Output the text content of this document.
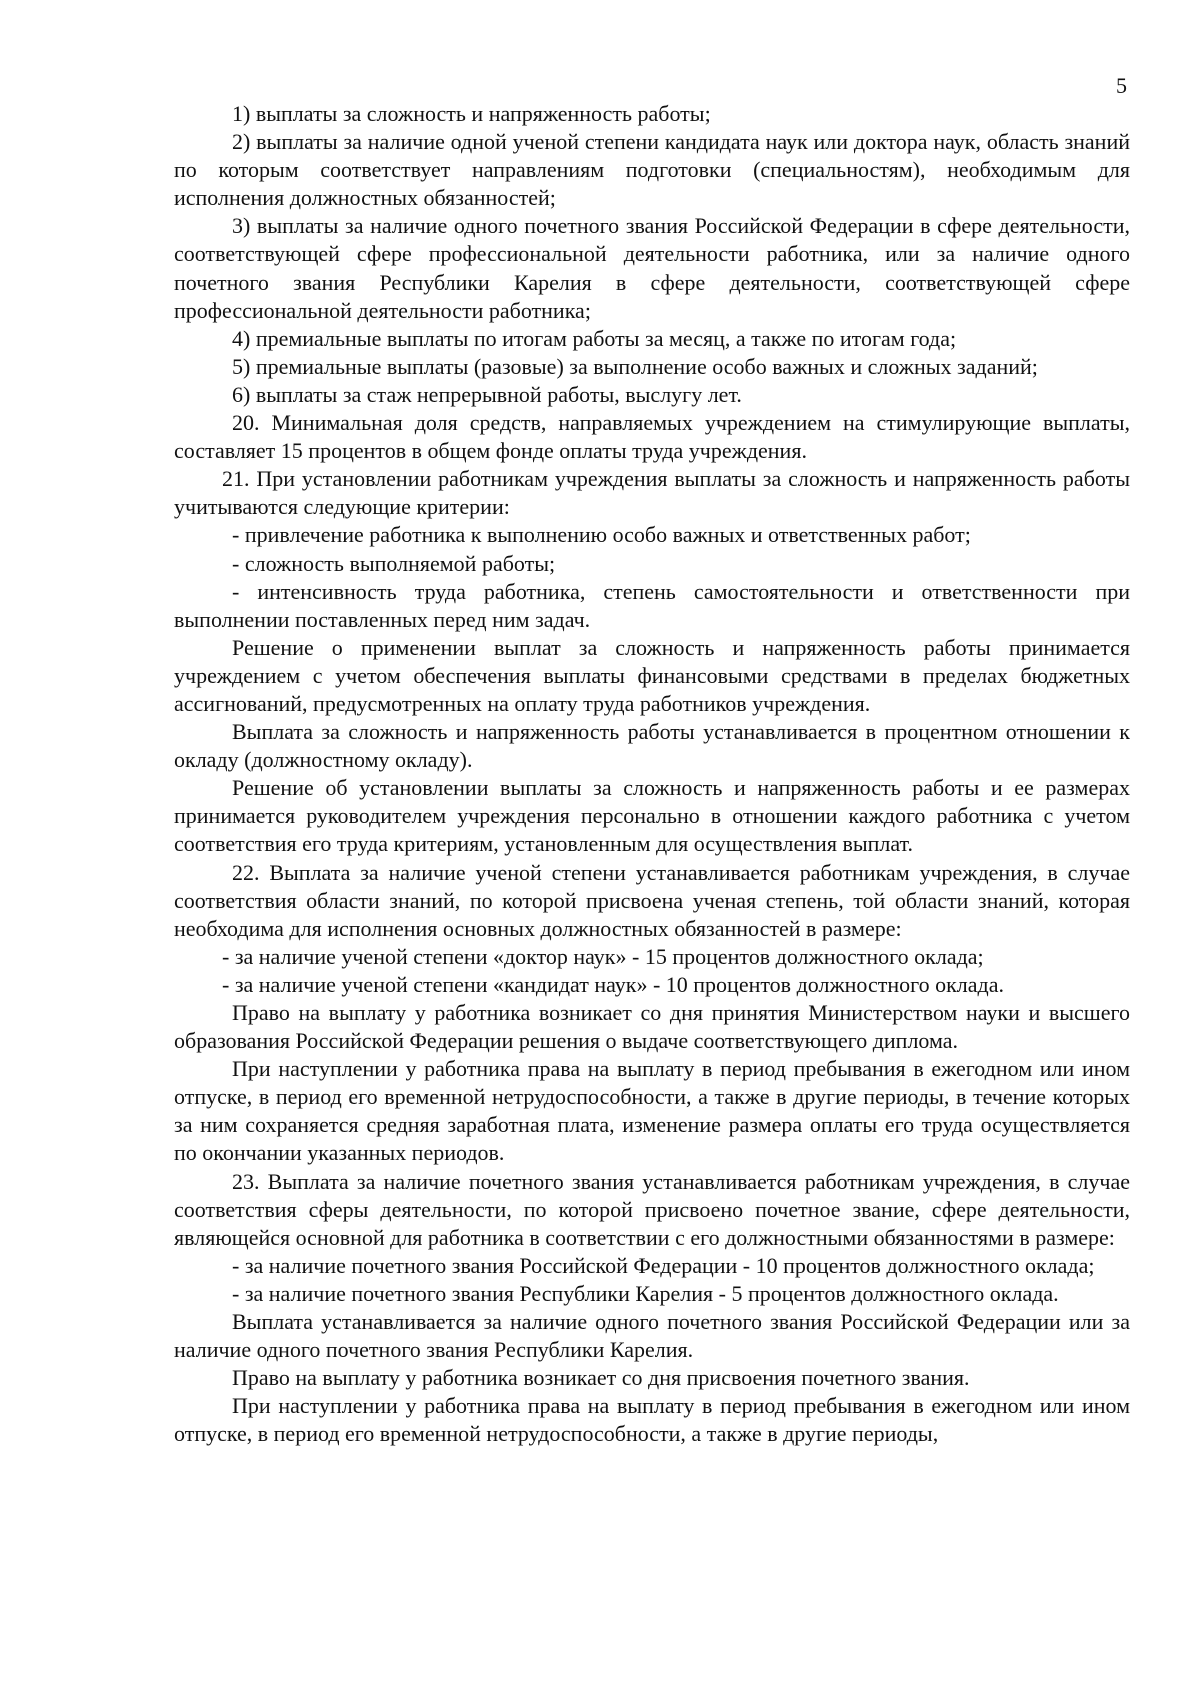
5

1) выплаты за сложность и напряженность работы;

2) выплаты за наличие одной ученой степени кандидата наук или доктора наук, область знаний по которым соответствует направлениям подготовки (специальностям), необходимым для исполнения должностных обязанностей;

3) выплаты за наличие одного почетного звания Российской Федерации в сфере деятельности, соответствующей сфере профессиональной деятельности работника, или за наличие одного почетного звания Республики Карелия в сфере деятельности, соответствующей сфере профессиональной деятельности работника;

4) премиальные выплаты по итогам работы за месяц, а также по итогам года;

5) премиальные выплаты (разовые) за выполнение особо важных и сложных заданий;

6) выплаты за стаж непрерывной работы, выслугу лет.

20. Минимальная доля средств, направляемых учреждением на стимулирующие выплаты, составляет 15 процентов в общем фонде оплаты труда учреждения.

21. При установлении работникам учреждения выплаты за сложность и напряженность работы учитываются следующие критерии:

- привлечение работника к выполнению особо важных и ответственных работ;

- сложность выполняемой работы;

- интенсивность труда работника, степень самостоятельности и ответственности при выполнении поставленных перед ним задач.

Решение о применении выплат за сложность и напряженность работы принимается учреждением с учетом обеспечения выплаты финансовыми средствами в пределах бюджетных ассигнований, предусмотренных на оплату труда работников учреждения.

Выплата за сложность и напряженность работы устанавливается в процентном отношении к окладу (должностному окладу).

Решение об установлении выплаты за сложность и напряженность работы и ее размерах принимается руководителем учреждения персонально в отношении каждого работника с учетом соответствия его труда критериям, установленным для осуществления выплат.

22. Выплата за наличие ученой степени устанавливается работникам учреждения, в случае соответствия области знаний, по которой присвоена ученая степень, той области знаний, которая необходима для исполнения основных должностных обязанностей в размере:

- за наличие ученой степени «доктор наук» - 15 процентов должностного оклада;

- за наличие ученой степени «кандидат наук» - 10 процентов должностного оклада.

Право на выплату у работника возникает со дня принятия Министерством науки и высшего образования Российской Федерации решения о выдаче соответствующего диплома.

При наступлении у работника права на выплату в период пребывания в ежегодном или ином отпуске, в период его временной нетрудоспособности, а также в другие периоды, в течение которых за ним сохраняется средняя заработная плата, изменение размера оплаты его труда осуществляется по окончании указанных периодов.

23. Выплата за наличие почетного звания устанавливается работникам учреждения, в случае соответствия сферы деятельности, по которой присвоено почетное звание, сфере деятельности, являющейся основной для работника в соответствии с его должностными обязанностями в размере:

- за наличие почетного звания Российской Федерации - 10 процентов должностного оклада;

- за наличие почетного звания Республики Карелия - 5 процентов должностного оклада.

Выплата устанавливается за наличие одного почетного звания Российской Федерации или за наличие одного почетного звания Республики Карелия.

Право на выплату у работника возникает со дня присвоения почетного звания.

При наступлении у работника права на выплату в период пребывания в ежегодном или ином отпуске, в период его временной нетрудоспособности, а также в другие периоды,
